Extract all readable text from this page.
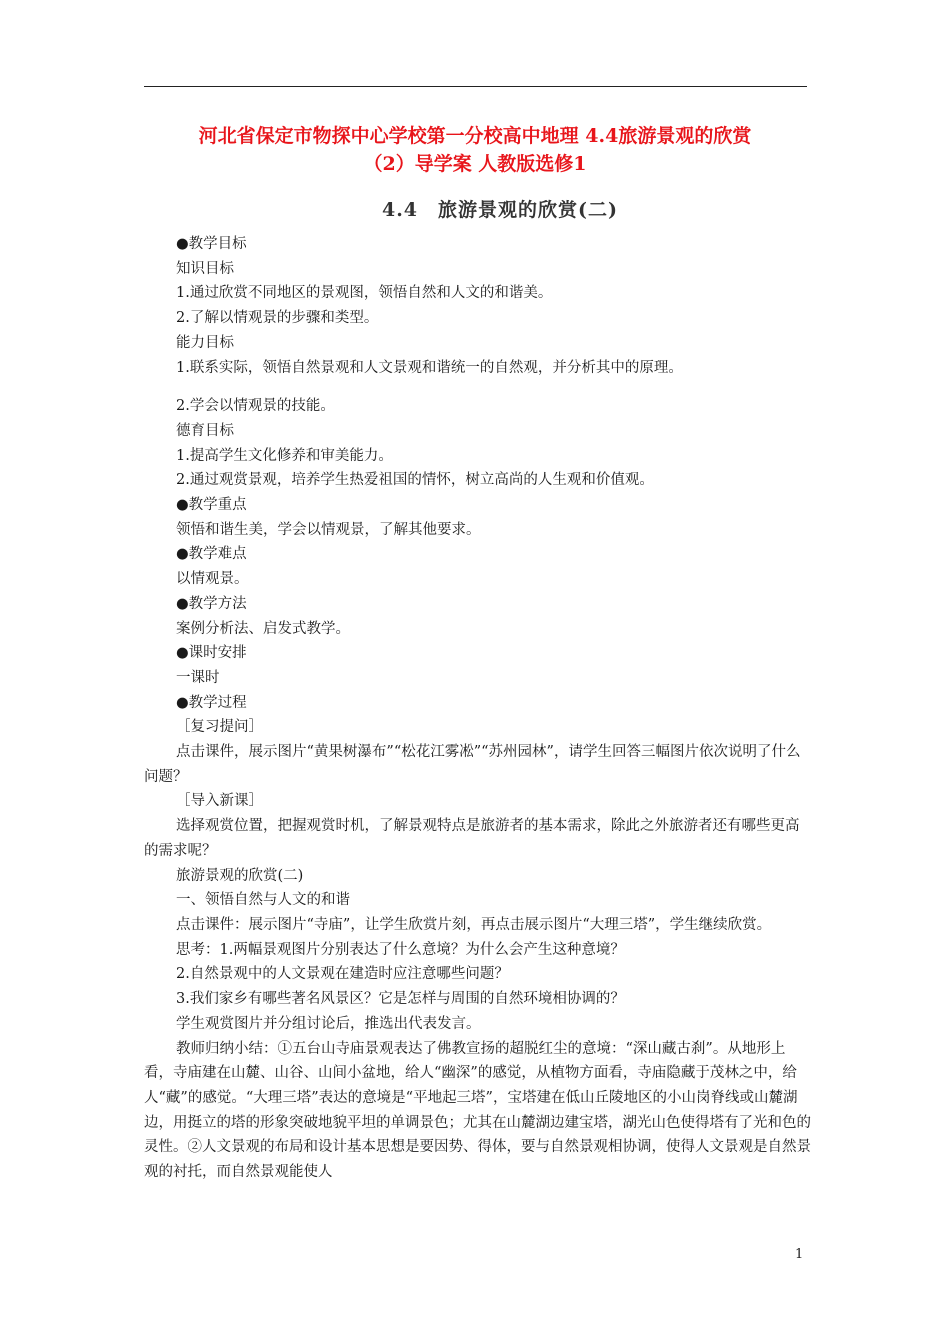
河北省保定市物探中心学校第一分校高中地理 4.4旅游景观的欣赏
（2）导学案 人教版选修1
4.4　旅游景观的欣赏(二)

●教学目标

知识目标

1.通过欣赏不同地区的景观图，领悟自然和人文的和谐美。

2.了解以情观景的步骤和类型。

能力目标

1.联系实际，领悟自然景观和人文景观和谐统一的自然观，并分析其中的原理。

2.学会以情观景的技能。

德育目标

1.提高学生文化修养和审美能力。

2.通过观赏景观，培养学生热爱祖国的情怀，树立高尚的人生观和价值观。

●教学重点

领悟和谐生美，学会以情观景，了解其他要求。

●教学难点

以情观景。

●教学方法

案例分析法、启发式教学。

●课时安排

一课时

●教学过程

［复习提问］

点击课件，展示图片“黄果树瀑布”“松花江雾凇”“苏州园林”，请学生回答三幅图片依次说明了什么问题？

［导入新课］

选择观赏位置，把握观赏时机，了解景观特点是旅游者的基本需求，除此之外旅游者还有哪些更高的需求呢？

旅游景观的欣赏(二)

一、领悟自然与人文的和谐

点击课件：展示图片“寺庙”，让学生欣赏片刻，再点击展示图片“大理三塔”，学生继续欣赏。

思考：1.两幅景观图片分别表达了什么意境？为什么会产生这种意境？

2.自然景观中的人文景观在建造时应注意哪些问题？

3.我们家乡有哪些著名风景区？它是怎样与周围的自然环境相协调的？

学生观赏图片并分组讨论后，推选出代表发言。

教师归纳小结：①五台山寺庙景观表达了佛教宣扬的超脱红尘的意境：“深山藏古刹”。从地形上看，寺庙建在山麓、山谷、山间小盆地，给人“幽深”的感觉，从植物方面看，寺庙隐藏于茂林之中，给人“藏”的感觉。“大理三塔”表达的意境是“平地起三塔”，宝塔建在低山丘陵地区的小山岗脊线或山麓湖边，用挺立的塔的形象突破地貌平坦的单调景色；尤其在山麓湖边建宝塔，湖光山色使得塔有了光和色的灵性。②人文景观的布局和设计基本思想是要因势、得体，要与自然景观相协调，使得人文景观是自然景观的衬托，而自然景观能使人

1
